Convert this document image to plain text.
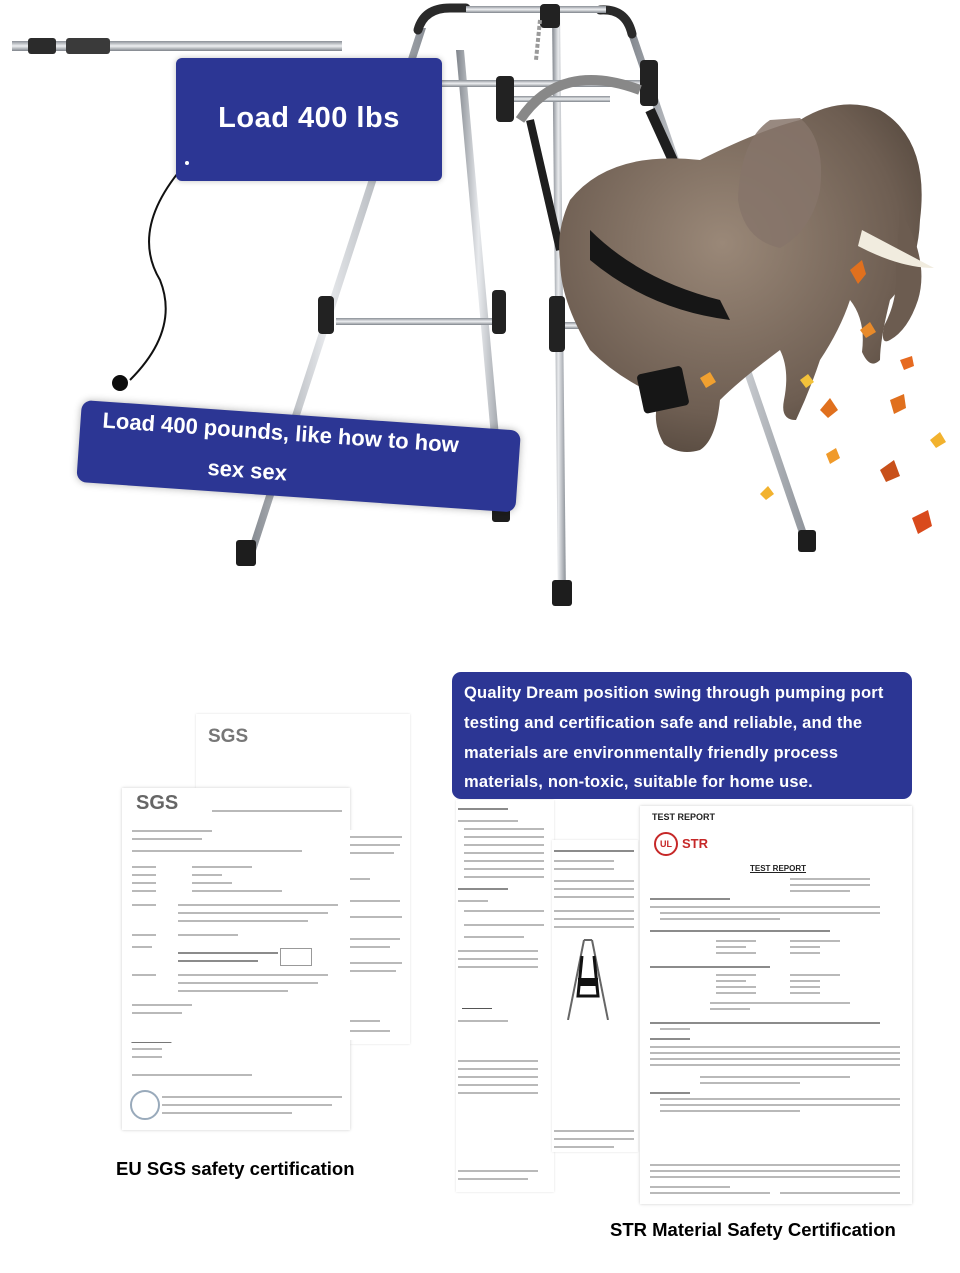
Load 400 lbs
Load 400 pounds, like how to how
sex sex
SGS
SGS
EU SGS safety certification
TEST REPORT
UL STR
TEST REPORT

Quality Dream position swing through pumping port

testing and certification safe and reliable, and the

materials are environmentally friendly process

materials, non-toxic, suitable for home use.

STR Material Safety Certification
